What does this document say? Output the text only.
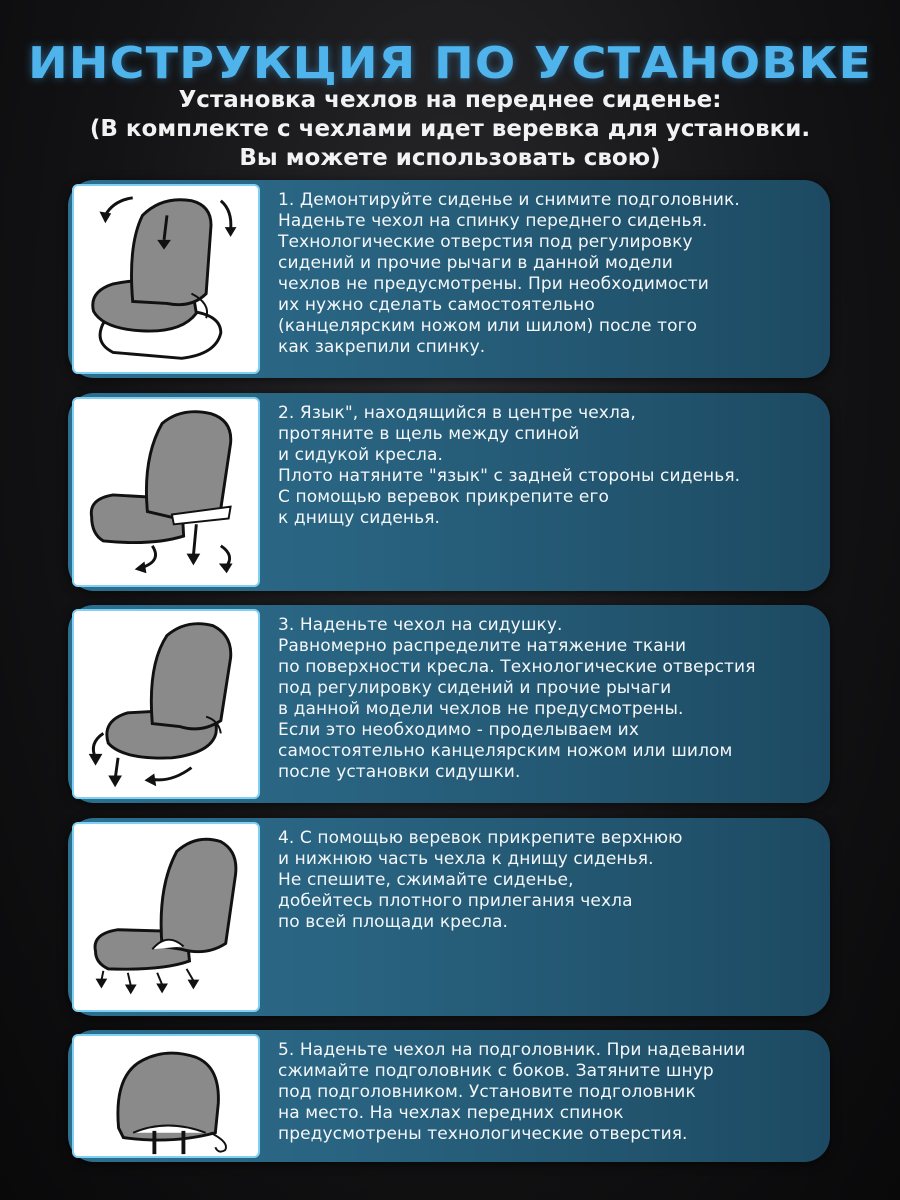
ИНСТРУКЦИЯ ПО УСТАНОВКЕ
Установка чехлов на переднее сиденье:
(В комплекте с чехлами идет веревка для установки.
Вы можете использовать свою)
1. Демонтируйте сиденье и снимите подголовник.
Наденьте чехол на спинку переднего сиденья.
Технологические отверстия под регулировку
сидений и прочие рычаги в данной модели
чехлов не предусмотрены. При необходимости
их нужно сделать самостоятельно
(канцелярским ножом или шилом) после того
как закрепили спинку.
2. Язык", находящийся в центре чехла,
протяните в щель между спиной
и сидукой кресла.
Плото натяните "язык" с задней стороны сиденья.
С помощью веревок прикрепите его
к днищу сиденья.
3. Наденьте чехол на сидушку.
Равномерно распределите натяжение ткани
по поверхности кресла. Технологические отверстия
под регулировку сидений и прочие рычаги
в данной модели чехлов не предусмотрены.
Если это необходимо - проделываем их
самостоятельно канцелярским ножом или шилом
после установки сидушки.
4. С помощью веревок прикрепите верхнюю
и нижнюю часть чехла к днищу сиденья.
Не спешите, сжимайте сиденье,
добейтесь плотного прилегания чехла
по всей площади кресла.
5. Наденьте чехол на подголовник. При надевании
сжимайте подголовник с боков. Затяните шнур
под подголовником. Установите подголовник
на место. На чехлах передних спинок
предусмотрены технологические отверстия.
